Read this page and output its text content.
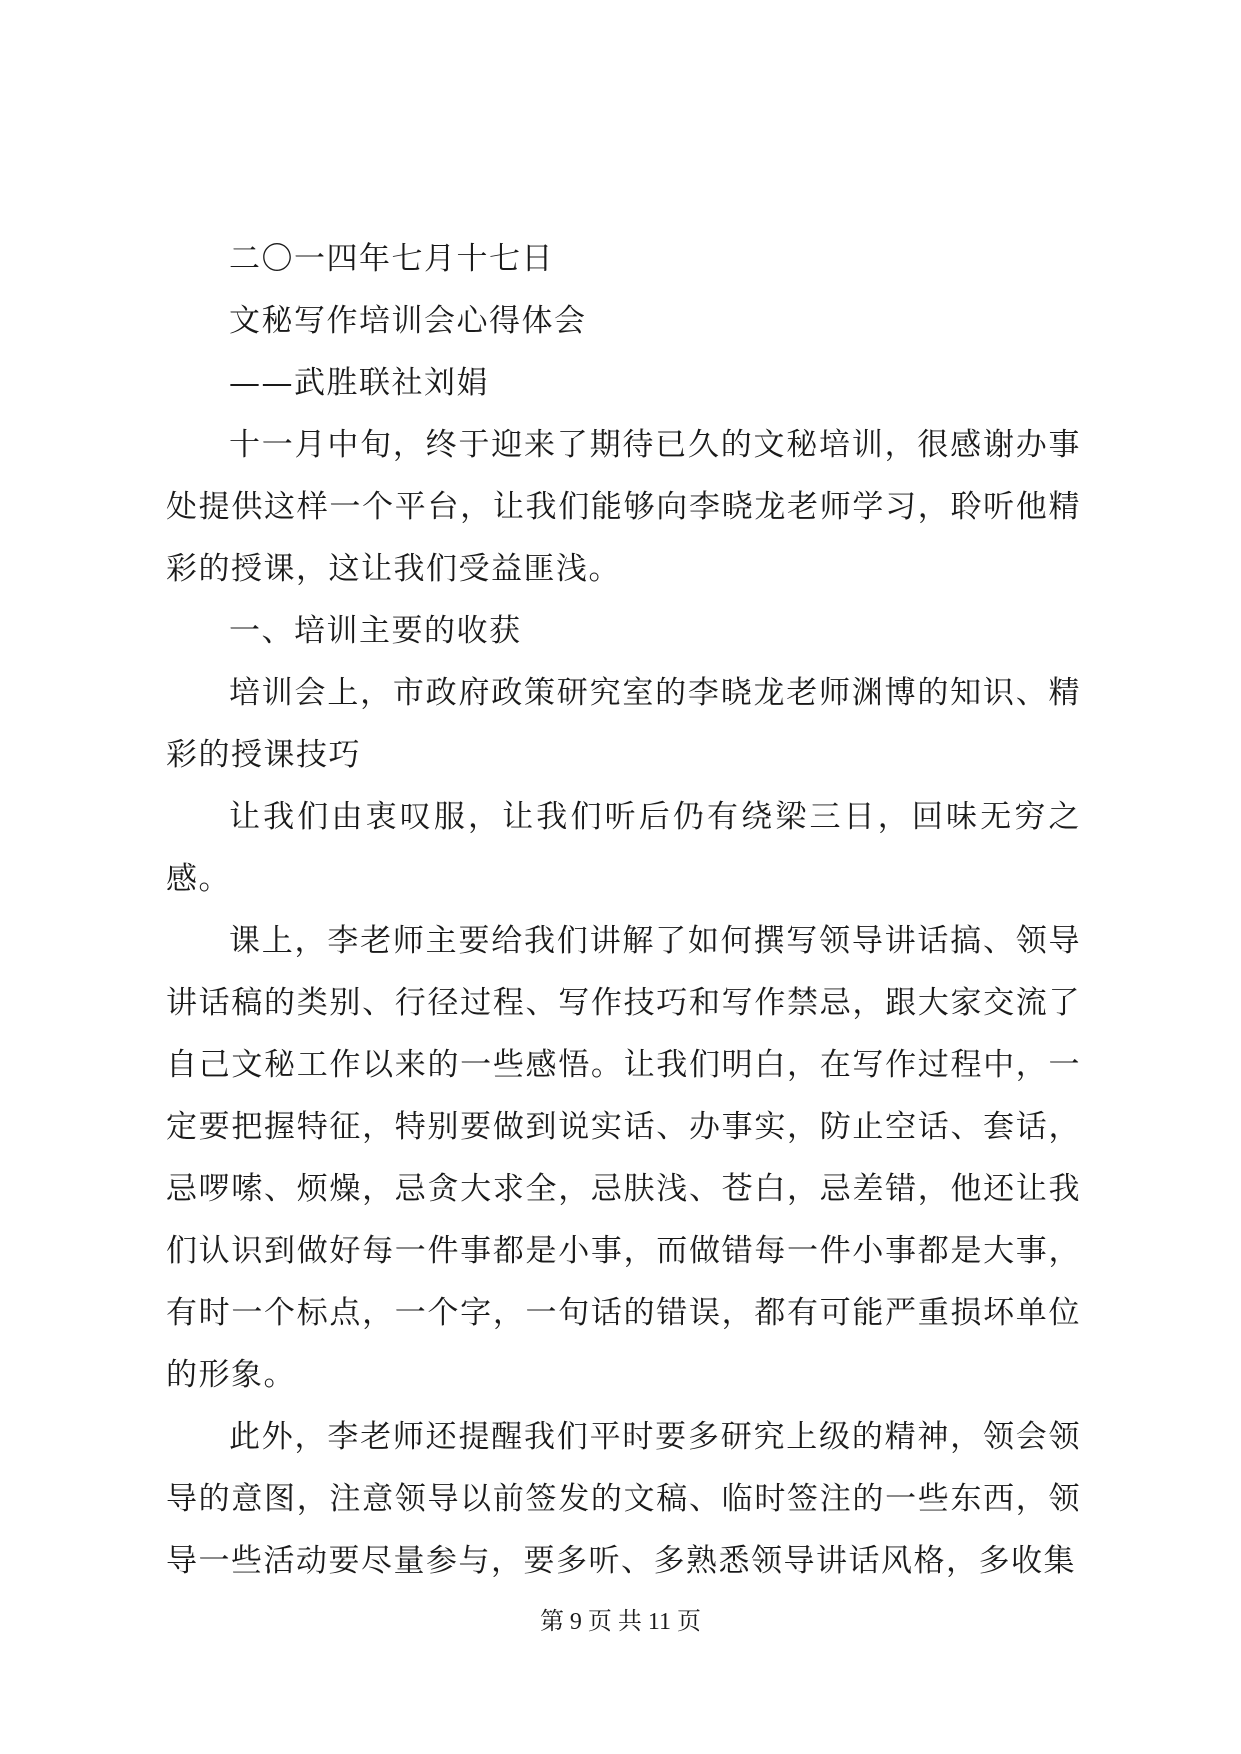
二〇一四年七月十七日

文秘写作培训会心得体会

——武胜联社刘娟

十一月中旬，终于迎来了期待已久的文秘培训，很感谢办事处提供这样一个平台，让我们能够向李晓龙老师学习，聆听他精彩的授课，这让我们受益匪浅。

一、培训主要的收获

培训会上，市政府政策研究室的李晓龙老师渊博的知识、精彩的授课技巧

让我们由衷叹服，让我们听后仍有绕梁三日，回味无穷之感。

课上，李老师主要给我们讲解了如何撰写领导讲话搞、领导讲话稿的类别、行径过程、写作技巧和写作禁忌，跟大家交流了自己文秘工作以来的一些感悟。让我们明白，在写作过程中，一定要把握特征，特别要做到说实话、办事实，防止空话、套话，忌啰嗦、烦燥，忌贪大求全，忌肤浅、苍白，忌差错，他还让我们认识到做好每一件事都是小事，而做错每一件小事都是大事，有时一个标点，一个字，一句话的错误，都有可能严重损坏单位的形象。

此外，李老师还提醒我们平时要多研究上级的精神，领会领导的意图，注意领导以前签发的文稿、临时签注的一些东西，领导一些活动要尽量参与，要多听、多熟悉领导讲话风格，多收集

第 9 页 共 11 页
